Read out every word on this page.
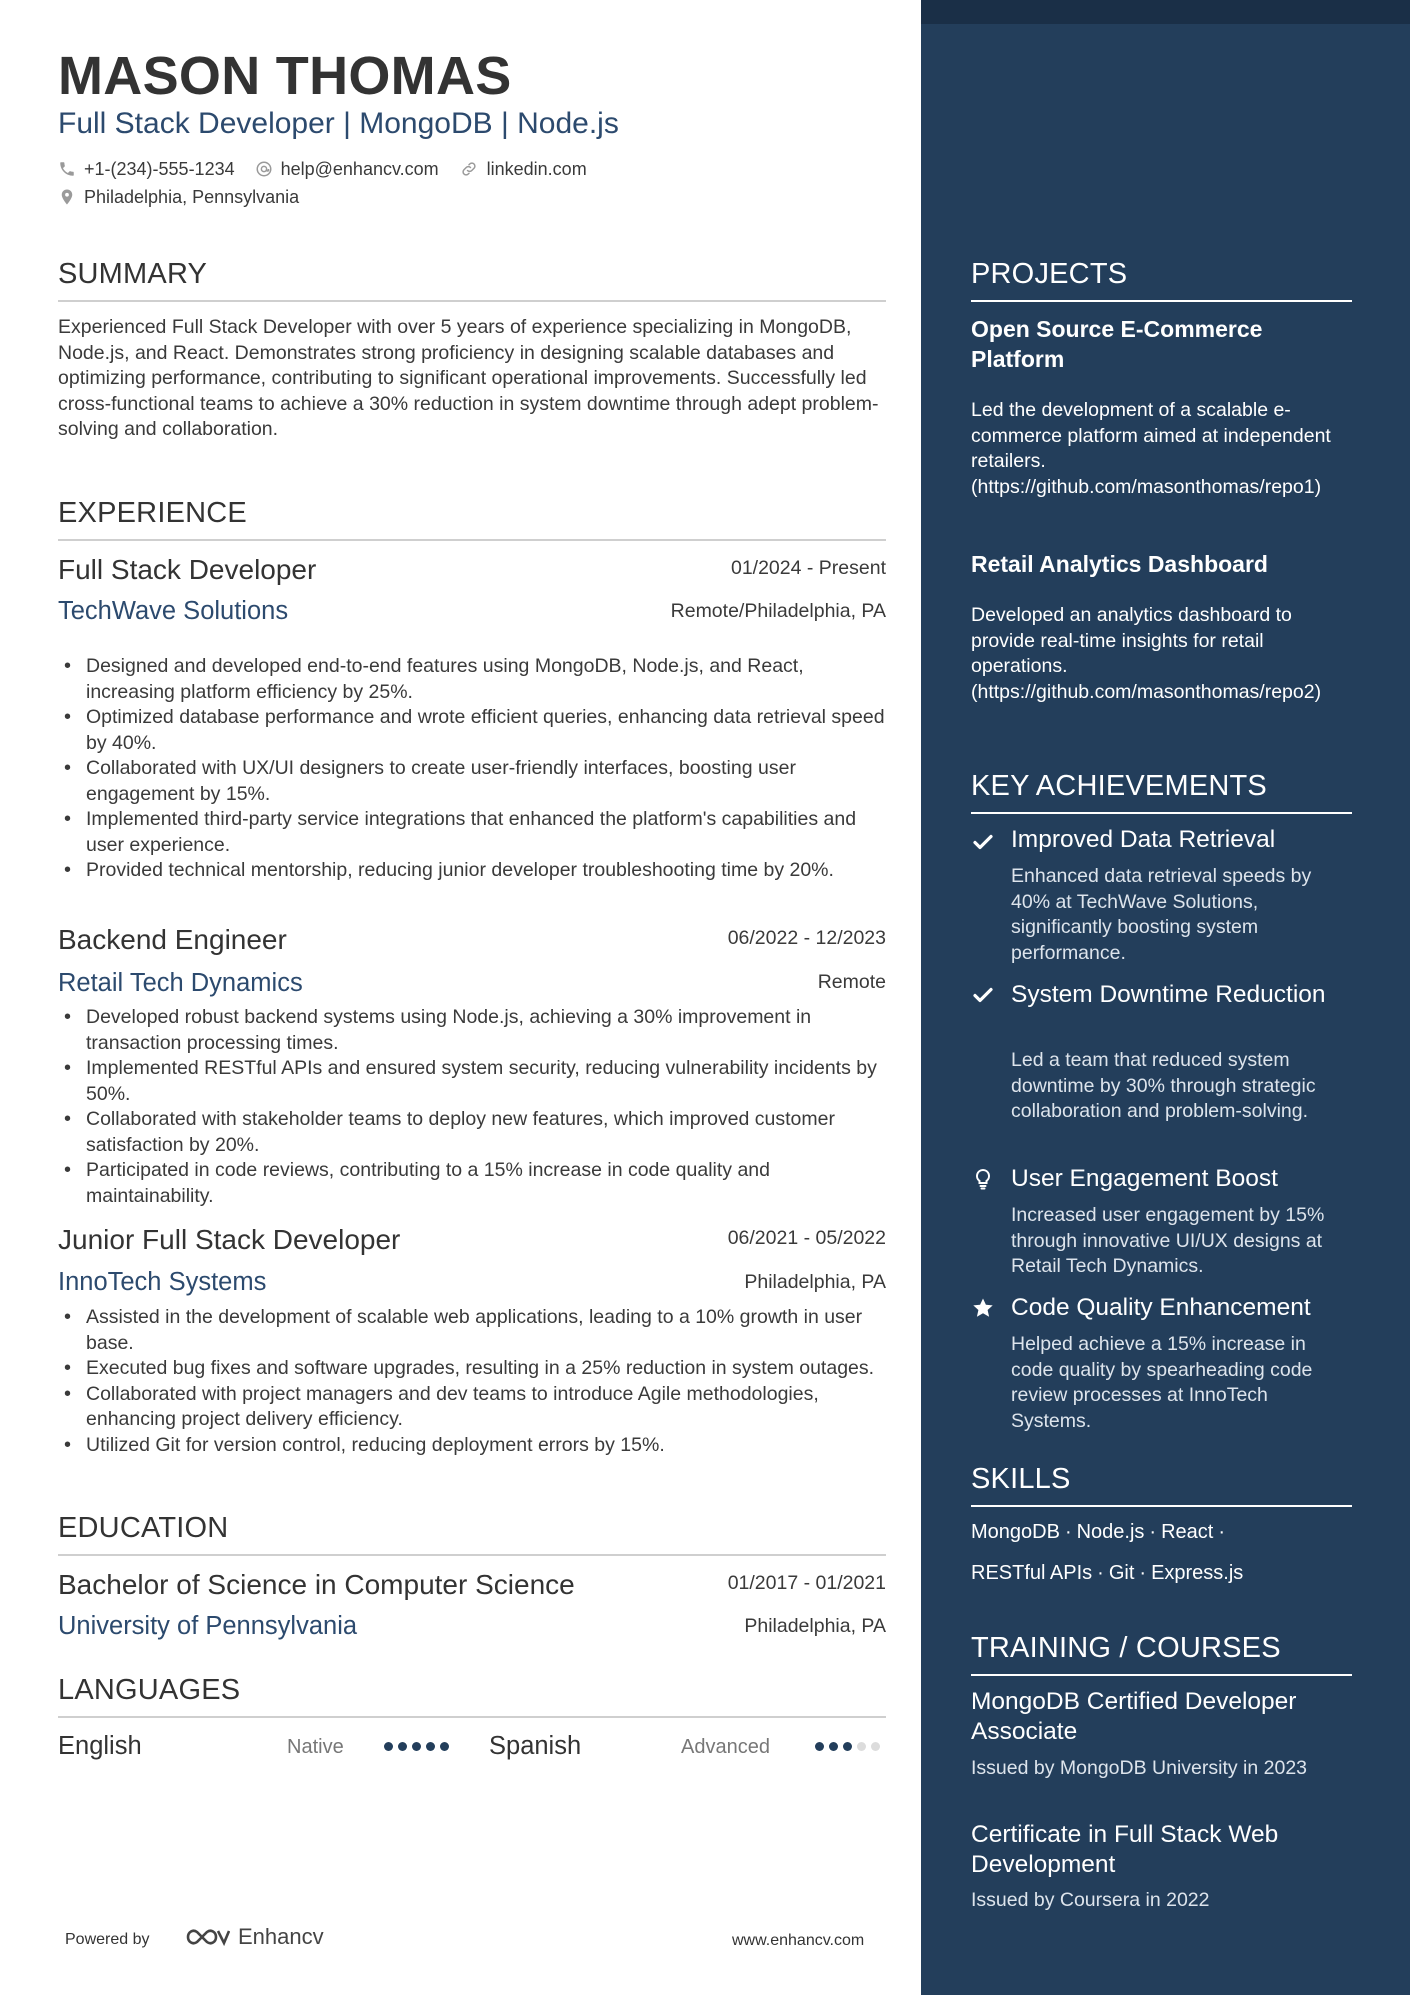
MASON THOMAS
Full Stack Developer | MongoDB | Node.js
+1-(234)-555-1234	help@enhancv.com	linkedin.com
Philadelphia, Pennsylvania
SUMMARY
Experienced Full Stack Developer with over 5 years of experience specializing in MongoDB, Node.js, and React. Demonstrates strong proficiency in designing scalable databases and optimizing performance, contributing to significant operational improvements. Successfully led cross-functional teams to achieve a 30% reduction in system downtime through adept problem-solving and collaboration.
EXPERIENCE
Full Stack Developer	01/2024 - Present
TechWave Solutions	Remote/Philadelphia, PA
• Designed and developed end-to-end features using MongoDB, Node.js, and React, increasing platform efficiency by 25%.
• Optimized database performance and wrote efficient queries, enhancing data retrieval speed by 40%.
• Collaborated with UX/UI designers to create user-friendly interfaces, boosting user engagement by 15%.
• Implemented third-party service integrations that enhanced the platform's capabilities and user experience.
• Provided technical mentorship, reducing junior developer troubleshooting time by 20%.
Backend Engineer	06/2022 - 12/2023
Retail Tech Dynamics	Remote
• Developed robust backend systems using Node.js, achieving a 30% improvement in transaction processing times.
• Implemented RESTful APIs and ensured system security, reducing vulnerability incidents by 50%.
• Collaborated with stakeholder teams to deploy new features, which improved customer satisfaction by 20%.
• Participated in code reviews, contributing to a 15% increase in code quality and maintainability.
Junior Full Stack Developer	06/2021 - 05/2022
InnoTech Systems	Philadelphia, PA
• Assisted in the development of scalable web applications, leading to a 10% growth in user base.
• Executed bug fixes and software upgrades, resulting in a 25% reduction in system outages.
• Collaborated with project managers and dev teams to introduce Agile methodologies, enhancing project delivery efficiency.
• Utilized Git for version control, reducing deployment errors by 15%.
EDUCATION
Bachelor of Science in Computer Science	01/2017 - 01/2021
University of Pennsylvania	Philadelphia, PA
LANGUAGES
English	Native	Spanish	Advanced
Powered by	Enhancv	www.enhancv.com
PROJECTS
Open Source E-Commerce Platform
Led the development of a scalable e-commerce platform aimed at independent retailers. (https://github.com/masonthomas/repo1)
Retail Analytics Dashboard
Developed an analytics dashboard to provide real-time insights for retail operations. (https://github.com/masonthomas/repo2)
KEY ACHIEVEMENTS
Improved Data Retrieval
Enhanced data retrieval speeds by 40% at TechWave Solutions, significantly boosting system performance.
System Downtime Reduction
Led a team that reduced system downtime by 30% through strategic collaboration and problem-solving.
User Engagement Boost
Increased user engagement by 15% through innovative UI/UX designs at Retail Tech Dynamics.
Code Quality Enhancement
Helped achieve a 15% increase in code quality by spearheading code review processes at InnoTech Systems.
SKILLS
MongoDB · Node.js · React ·
RESTful APIs · Git · Express.js
TRAINING / COURSES
MongoDB Certified Developer Associate
Issued by MongoDB University in 2023
Certificate in Full Stack Web Development
Issued by Coursera in 2022
